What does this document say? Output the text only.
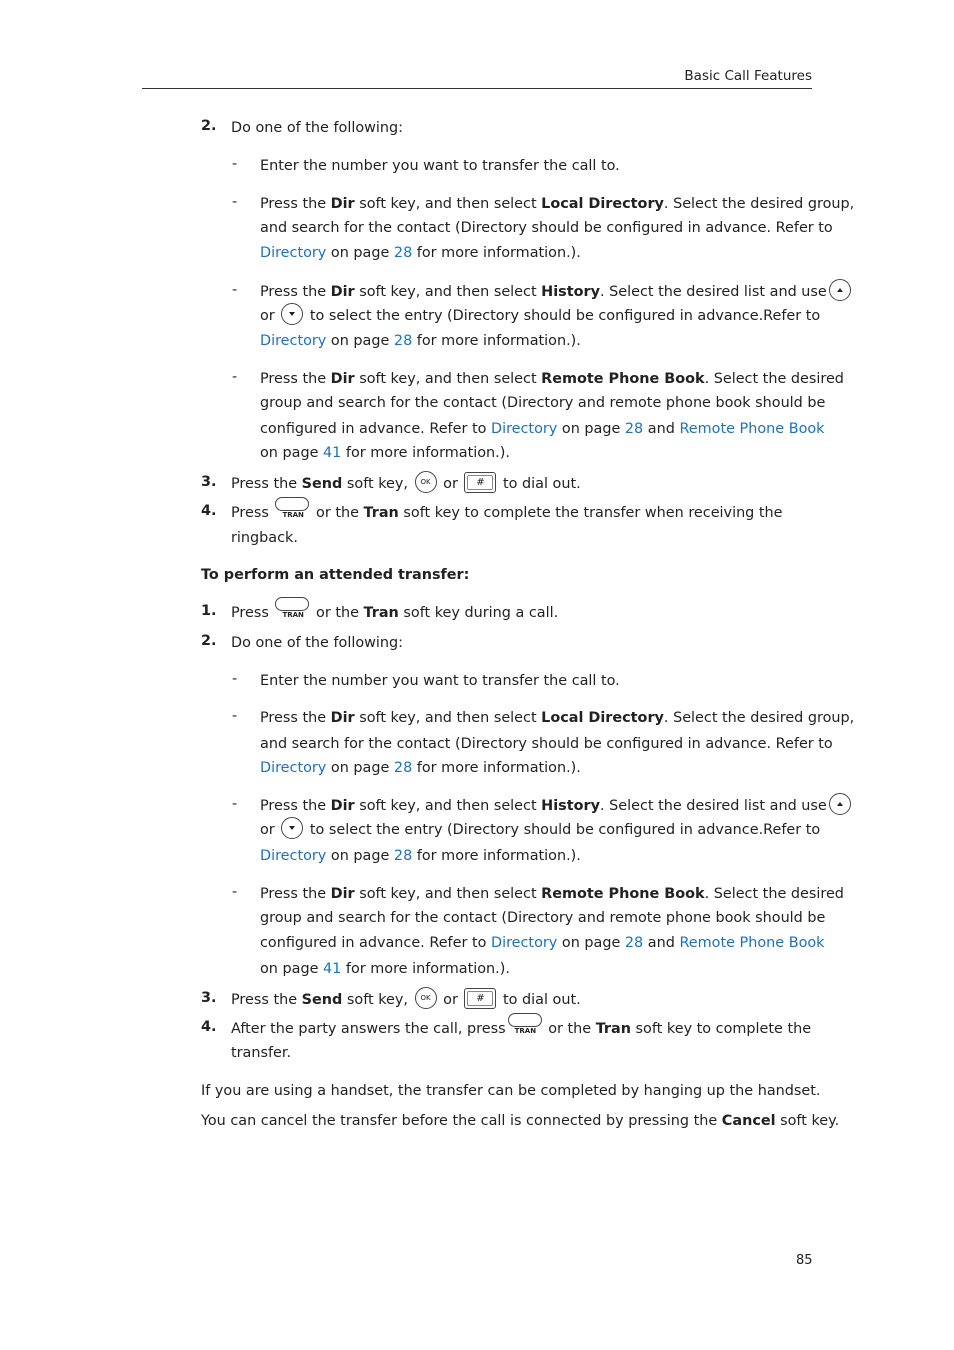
Basic Call Features
2. Do one of the following:
- Enter the number you want to transfer the call to.
- Press the Dir soft key, and then select Local Directory. Select the desired group,
and search for the contact (Directory should be configured in advance. Refer to
Directory on page 28 for more information.).
- Press the Dir soft key, and then select History. Select the desired list and use
or  to select the entry (Directory should be configured in advance.Refer to
Directory on page 28 for more information.).
- Press the Dir soft key, and then select Remote Phone Book. Select the desired
group and search for the contact (Directory and remote phone book should be
configured in advance. Refer to Directory on page 28 and Remote Phone Book
on page 41 for more information.).
3. Press the Send soft key, OK or # to dial out.
4. Press TRAN or the Tran soft key to complete the transfer when receiving the
ringback.
To perform an attended transfer:
1. Press TRAN or the Tran soft key during a call.
2. Do one of the following:
- Enter the number you want to transfer the call to.
- Press the Dir soft key, and then select Local Directory. Select the desired group,
and search for the contact (Directory should be configured in advance. Refer to
Directory on page 28 for more information.).
- Press the Dir soft key, and then select History. Select the desired list and use
or  to select the entry (Directory should be configured in advance.Refer to
Directory on page 28 for more information.).
- Press the Dir soft key, and then select Remote Phone Book. Select the desired
group and search for the contact (Directory and remote phone book should be
configured in advance. Refer to Directory on page 28 and Remote Phone Book
on page 41 for more information.).
3. Press the Send soft key, OK or # to dial out.
4. After the party answers the call, press TRAN or the Tran soft key to complete the
transfer.
If you are using a handset, the transfer can be completed by hanging up the handset.
You can cancel the transfer before the call is connected by pressing the Cancel soft key.
85
